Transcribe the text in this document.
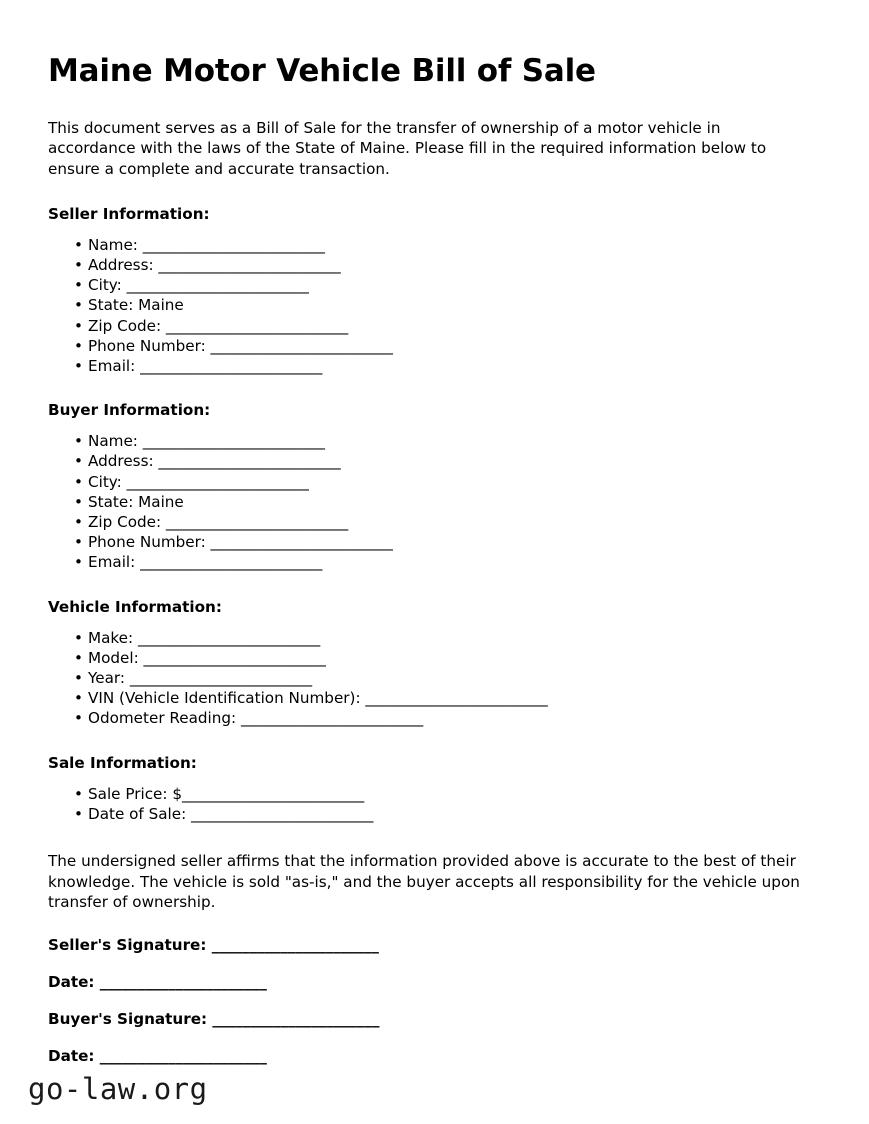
Maine Motor Vehicle Bill of Sale

This document serves as a Bill of Sale for the transfer of ownership of a motor vehicle in accordance with the laws of the State of Maine. Please fill in the required information below to ensure a complete and accurate transaction.

Seller Information:
• Name: ________________________
• Address: ________________________
• City: ________________________
• State: Maine
• Zip Code: ________________________
• Phone Number: ________________________
• Email: ________________________
Buyer Information:
• Name: ________________________
• Address: ________________________
• City: ________________________
• State: Maine
• Zip Code: ________________________
• Phone Number: ________________________
• Email: ________________________
Vehicle Information:
• Make: ________________________
• Model: ________________________
• Year: ________________________
• VIN (Vehicle Identification Number): ________________________
• Odometer Reading: ________________________
Sale Information:
• Sale Price: $________________________
• Date of Sale: ________________________

The undersigned seller affirms that the information provided above is accurate to the best of their knowledge. The vehicle is sold "as-is," and the buyer accepts all responsibility for the vehicle upon transfer of ownership.

Seller's Signature: ______________________
Date: ______________________
Buyer's Signature: ______________________
Date: ______________________
go-law.org
